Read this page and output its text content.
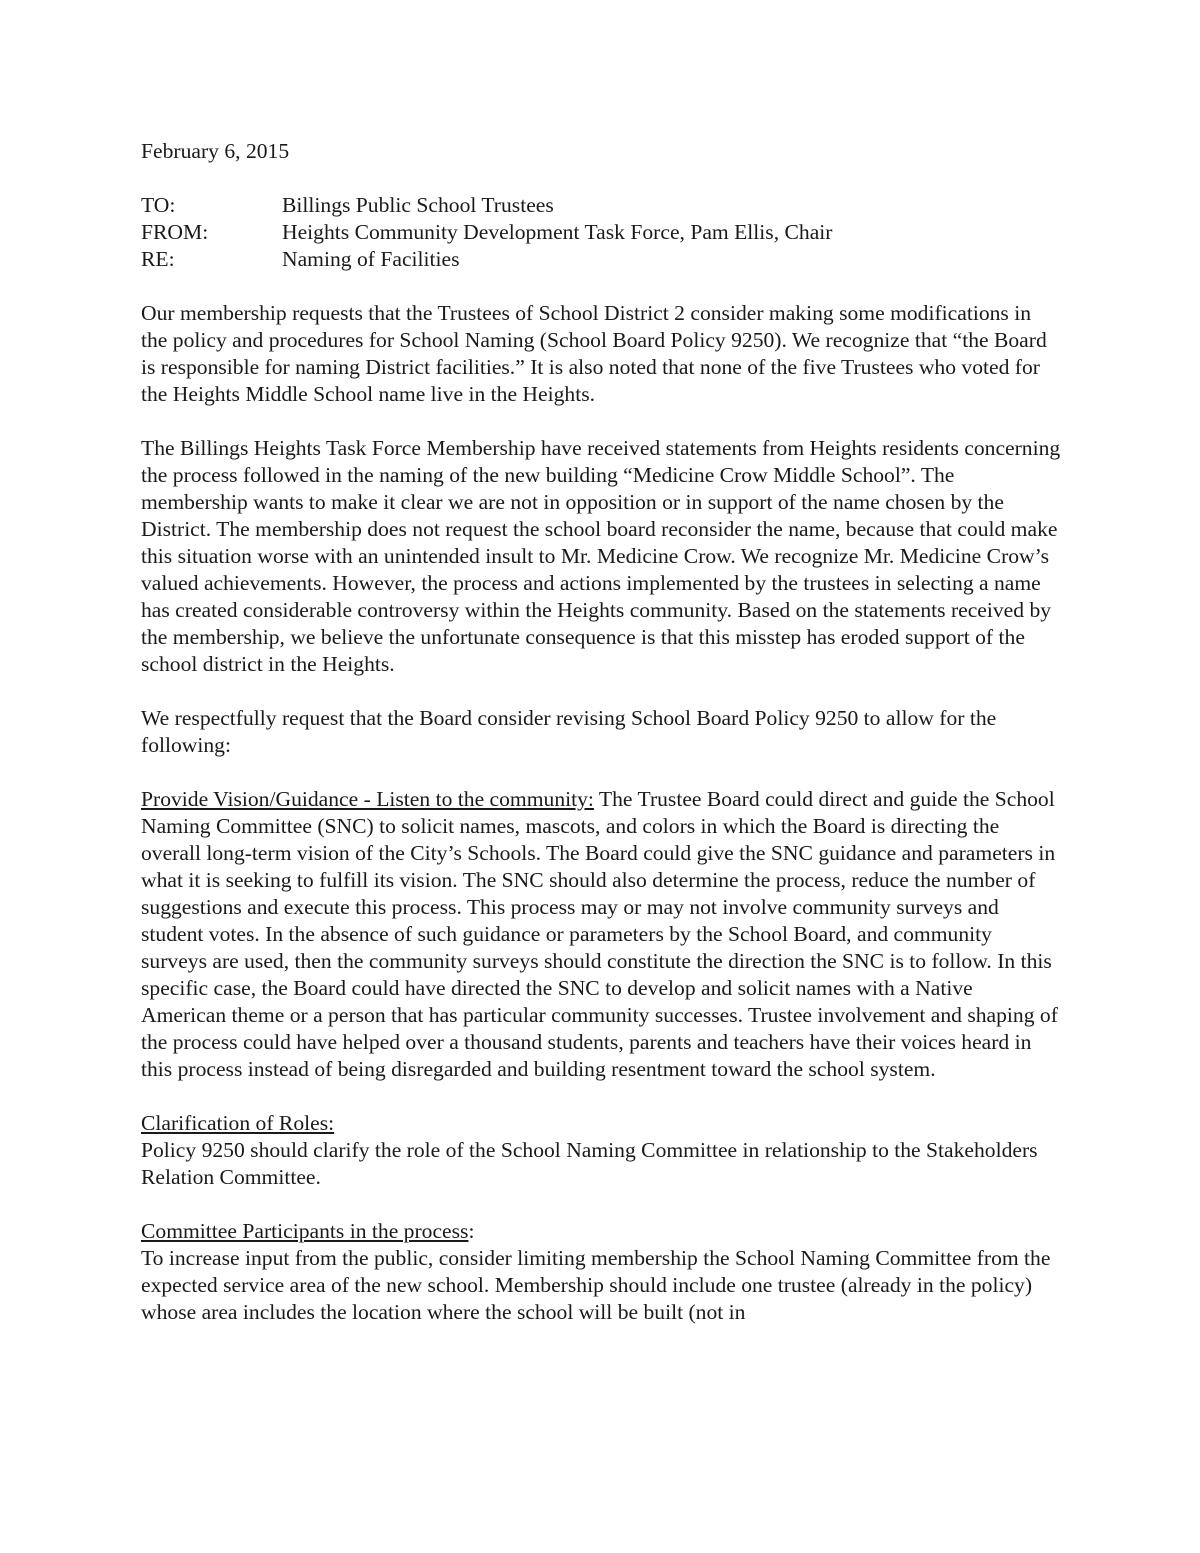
February 6, 2015
TO:	Billings Public School Trustees
FROM:	Heights Community Development Task Force, Pam Ellis, Chair
RE:	Naming of Facilities

Our membership requests that the Trustees of School District 2 consider making some modifications in the policy and procedures for School Naming (School Board Policy 9250). We recognize that “the Board is responsible for naming District facilities.” It is also noted that none of the five Trustees who voted for the Heights Middle School name live in the Heights.

The Billings Heights Task Force Membership have received statements from Heights residents concerning the process followed in the naming of the new building “Medicine Crow Middle School”. The membership wants to make it clear we are not in opposition or in support of the name chosen by the District. The membership does not request the school board reconsider the name, because that could make this situation worse with an unintended insult to Mr. Medicine Crow. We recognize Mr. Medicine Crow’s valued achievements. However, the process and actions implemented by the trustees in selecting a name has created considerable controversy within the Heights community. Based on the statements received by the membership, we believe the unfortunate consequence is that this misstep has eroded support of the school district in the Heights.

We respectfully request that the Board consider revising School Board Policy 9250 to allow for the following:

Provide Vision/Guidance - Listen to the community: The Trustee Board could direct and guide the School Naming Committee (SNC) to solicit names, mascots, and colors in which the Board is directing the overall long-term vision of the City’s Schools. The Board could give the SNC guidance and parameters in what it is seeking to fulfill its vision. The SNC should also determine the process, reduce the number of suggestions and execute this process. This process may or may not involve community surveys and student votes. In the absence of such guidance or parameters by the School Board, and community surveys are used, then the community surveys should constitute the direction the SNC is to follow. In this specific case, the Board could have directed the SNC to develop and solicit names with a Native American theme or a person that has particular community successes. Trustee involvement and shaping of the process could have helped over a thousand students, parents and teachers have their voices heard in this process instead of being disregarded and building resentment toward the school system.

Clarification of Roles:
Policy 9250 should clarify the role of the School Naming Committee in relationship to the Stakeholders Relation Committee.

Committee Participants in the process:
To increase input from the public, consider limiting membership the School Naming Committee from the expected service area of the new school. Membership should include one trustee (already in the policy) whose area includes the location where the school will be built (not in
